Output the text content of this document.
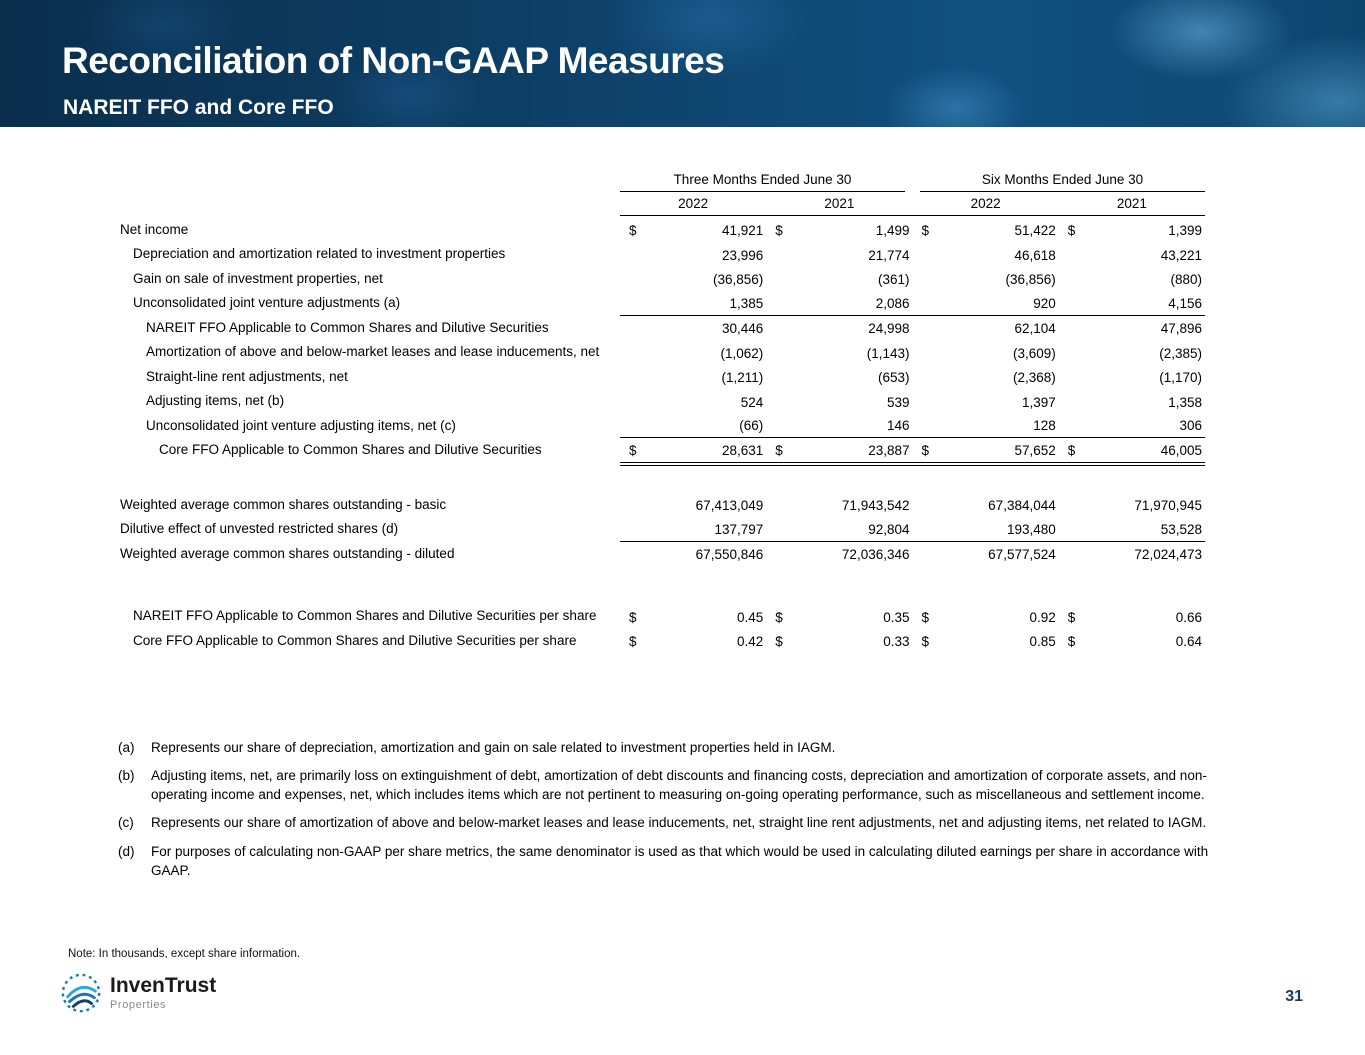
Reconciliation of Non-GAAP Measures
NAREIT FFO and Core FFO
Three Months Ended June 30	Six Months Ended June 30
2022	2021	2022	2021
Net income	$	41,921 $	1,499 $	51,422 $	1,399
Depreciation and amortization related to investment properties	23,996	21,774	46,618	43,221
Gain on sale of investment properties, net	(36,856)	(361)	(36,856)	(880)
Unconsolidated joint venture adjustments (a)	1,385	2,086	920	4,156
NAREIT FFO Applicable to Common Shares and Dilutive Securities	30,446	24,998	62,104	47,896
Amortization of above and below-market leases and lease inducements, net	(1,062)	(1,143)	(3,609)	(2,385)
Straight-line rent adjustments, net	(1,211)	(653)	(2,368)	(1,170)
Adjusting items, net (b)	524	539	1,397	1,358
Unconsolidated joint venture adjusting items, net (c)	(66)	146	128	306
Core FFO Applicable to Common Shares and Dilutive Securities	$	28,631 $	23,887 $	57,652 $	46,005
Weighted average common shares outstanding - basic	67,413,049	71,943,542	67,384,044	71,970,945
Dilutive effect of unvested restricted shares (d)	137,797	92,804	193,480	53,528
Weighted average common shares outstanding - diluted	67,550,846	72,036,346	67,577,524	72,024,473
NAREIT FFO Applicable to Common Shares and Dilutive Securities per share	$	0.45 $	0.35 $	0.92 $	0.66
Core FFO Applicable to Common Shares and Dilutive Securities per share	$	0.42 $	0.33 $	0.85 $	0.64
(a)	Represents our share of depreciation, amortization and gain on sale related to investment properties held in IAGM.
(b)	Adjusting items, net, are primarily loss on extinguishment of debt, amortization of debt discounts and financing costs, depreciation and amortization of corporate assets, and non-operating income and expenses, net, which includes items which are not pertinent to measuring on-going operating performance, such as miscellaneous and settlement income.
(c)	Represents our share of amortization of above and below-market leases and lease inducements, net, straight line rent adjustments, net and adjusting items, net related to IAGM.
(d)	For purposes of calculating non-GAAP per share metrics, the same denominator is used as that which would be used in calculating diluted earnings per share in accordance with GAAP.
Note: In thousands, except share information.
InvenTrust
Properties	31
